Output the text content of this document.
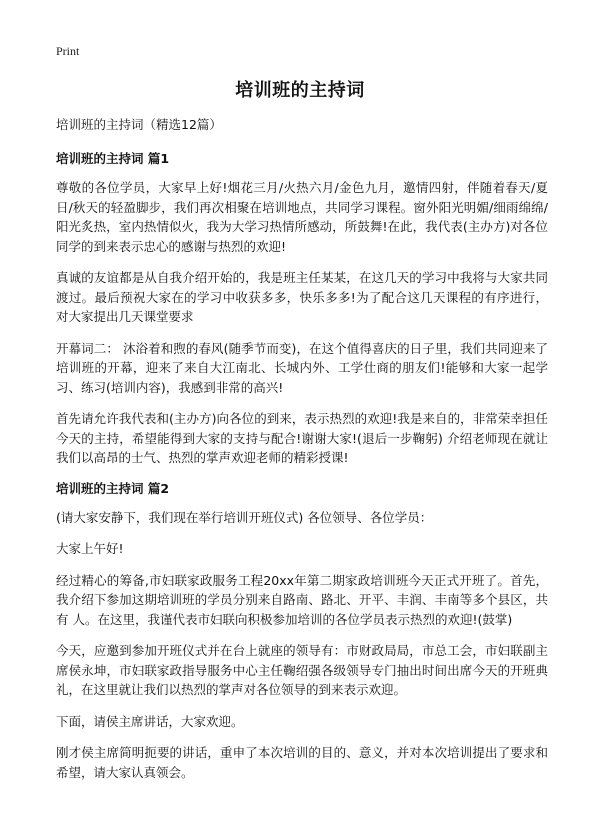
Print
培训班的主持词

培训班的主持词（精选12篇）

培训班的主持词 篇1

尊敬的各位学员，大家早上好!烟花三月/火热六月/金色九月，邀情四射，伴随着春天/夏日/秋天的轻盈脚步，我们再次相聚在培训地点，共同学习课程。窗外阳光明媚/细雨绵绵/阳光炙热，室内热情似火，我为大学习热情所感动，所鼓舞!在此，我代表(主办方)对各位同学的到来表示忠心的感谢与热烈的欢迎!

真诚的友谊都是从自我介绍开始的，我是班主任某某，在这几天的学习中我将与大家共同渡过。最后预祝大家在的学习中收获多多，快乐多多!为了配合这几天课程的有序进行，对大家提出几天课堂要求

开幕词二： 沐浴着和煦的春风(随季节而变)，在这个值得喜庆的日子里，我们共同迎来了培训班的开幕，迎来了来自大江南北、长城内外、工学仕商的朋友们!能够和大家一起学习、练习(培训内容)，我感到非常的高兴!

首先请允许我代表和(主办方)向各位的到来，表示热烈的欢迎!我是来自的，非常荣幸担任今天的主持，希望能得到大家的支持与配合!谢谢大家!(退后一步鞠躬) 介绍老师现在就让我们以高昂的士气、热烈的掌声欢迎老师的精彩授课!

培训班的主持词 篇2

(请大家安静下，我们现在举行培训开班仪式) 各位领导、各位学员：

大家上午好!

经过精心的筹备,市妇联家政服务工程20xx年第二期家政培训班今天正式开班了。首先，我介绍下参加这期培训班的学员分别来自路南、路北、开平、丰润、丰南等多个县区，共有 人。在这里，我谨代表市妇联向积极参加培训的各位学员表示热烈的欢迎!(鼓掌)

今天，应邀到参加开班仪式并在台上就座的领导有：市财政局局，市总工会，市妇联副主席侯永坤，市妇联家政指导服务中心主任鞠绍强各级领导专门抽出时间出席今天的开班典礼，在这里就让我们以热烈的掌声对各位领导的到来表示欢迎。

下面，请侯主席讲话，大家欢迎。

刚才侯主席简明扼要的讲话，重申了本次培训的目的、意义，并对本次培训提出了要求和希望，请大家认真领会。
